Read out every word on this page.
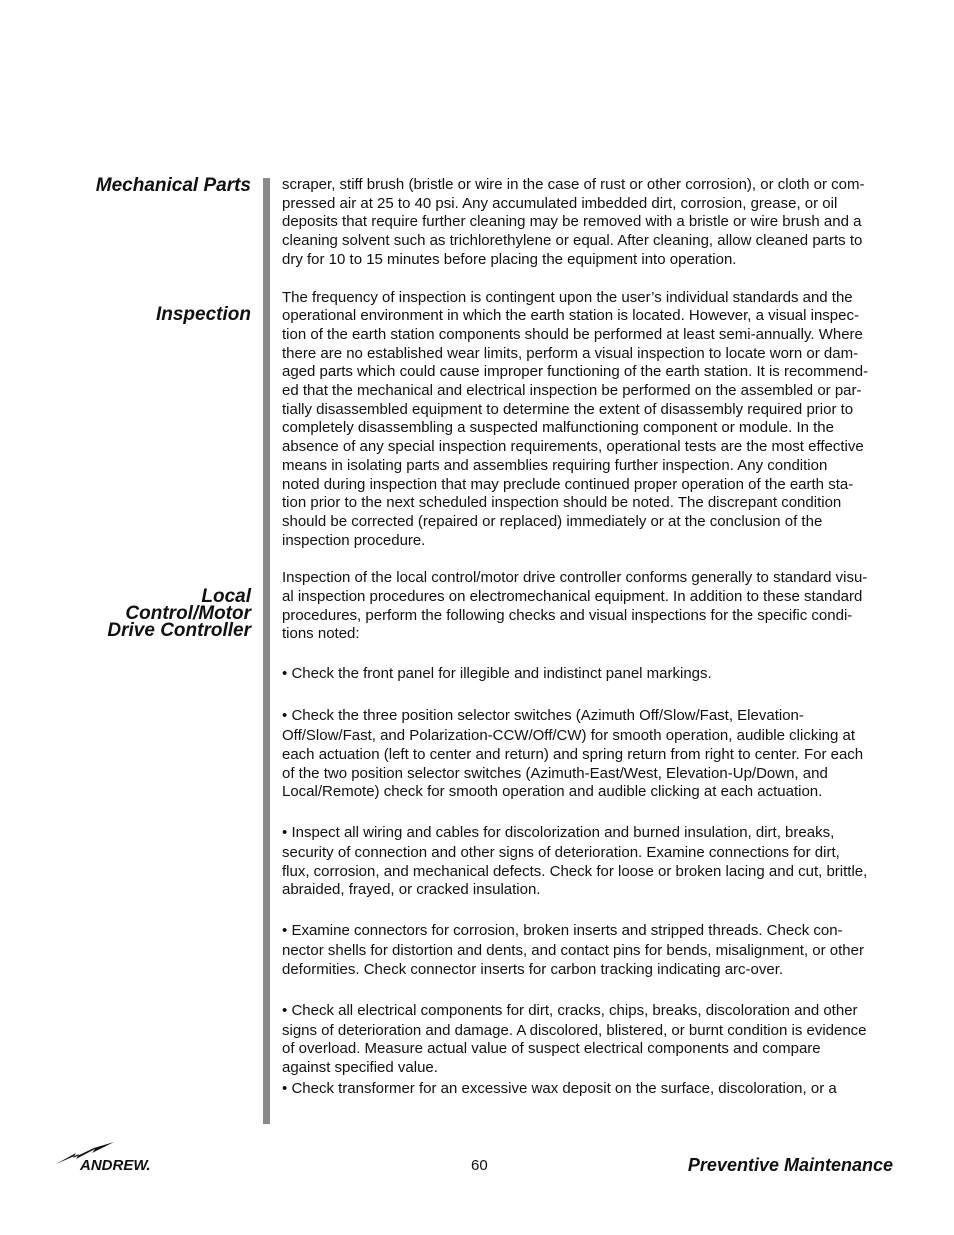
Mechanical Parts
Inspection
Local
Control/Motor
Drive Controller

scraper, stiff brush (bristle or wire in the case of rust or other corrosion), or cloth or com-
pressed air at 25 to 40 psi. Any accumulated imbedded dirt, corrosion, grease, or oil
deposits that require further cleaning may be removed with a bristle or wire brush and a
cleaning solvent such as trichlorethylene or equal. After cleaning, allow cleaned parts to
dry for 10 to 15 minutes before placing the equipment into operation.

The frequency of inspection is contingent upon the user’s individual standards and the
operational environment in which the earth station is located. However, a visual inspec-
tion of the earth station components should be performed at least semi-annually. Where
there are no established wear limits, perform a visual inspection to locate worn or dam-
aged parts which could cause improper functioning of the earth station. It is recommend-
ed that the mechanical and electrical inspection be performed on the assembled or par-
tially disassembled equipment to determine the extent of disassembly required prior to
completely disassembling a suspected malfunctioning component or module. In the
absence of any special inspection requirements, operational tests are the most effective
means in isolating parts and assemblies requiring further inspection. Any condition
noted during inspection that may preclude continued proper operation of the earth sta-
tion prior to the next scheduled inspection should be noted. The discrepant condition
should be corrected (repaired or replaced) immediately or at the conclusion of the
inspection procedure.

Inspection of the local control/motor drive controller conforms generally to standard visu-
al inspection procedures on electromechanical equipment. In addition to these standard
procedures, perform the following checks and visual inspections for the specific condi-
tions noted:

• Check the front panel for illegible and indistinct panel markings.

• Check the three position selector switches (Azimuth Off/Slow/Fast, Elevation-
Off/Slow/Fast, and Polarization-CCW/Off/CW) for smooth operation, audible clicking at
each actuation (left to center and return) and spring return from right to center. For each
of the two position selector switches (Azimuth-East/West, Elevation-Up/Down, and
Local/Remote) check for smooth operation and audible clicking at each actuation.

• Inspect all wiring and cables for discolorization and burned insulation, dirt, breaks,
security of connection and other signs of deterioration. Examine connections for dirt,
flux, corrosion, and mechanical defects. Check for loose or broken lacing and cut, brittle,
abraided, frayed, or cracked insulation.

• Examine connectors for corrosion, broken inserts and stripped threads. Check con-
nector shells for distortion and dents, and contact pins for bends, misalignment, or other
deformities. Check connector inserts for carbon tracking indicating arc-over.

• Check all electrical components for dirt, cracks, chips, breaks, discoloration and other
signs of deterioration and damage. A discolored, blistered, or burnt condition is evidence
of overload. Measure actual value of suspect electrical components and compare
against specified value.

• Check transformer for an excessive wax deposit on the surface, discoloration, or a

ANDREW.	60	Preventive Maintenance
